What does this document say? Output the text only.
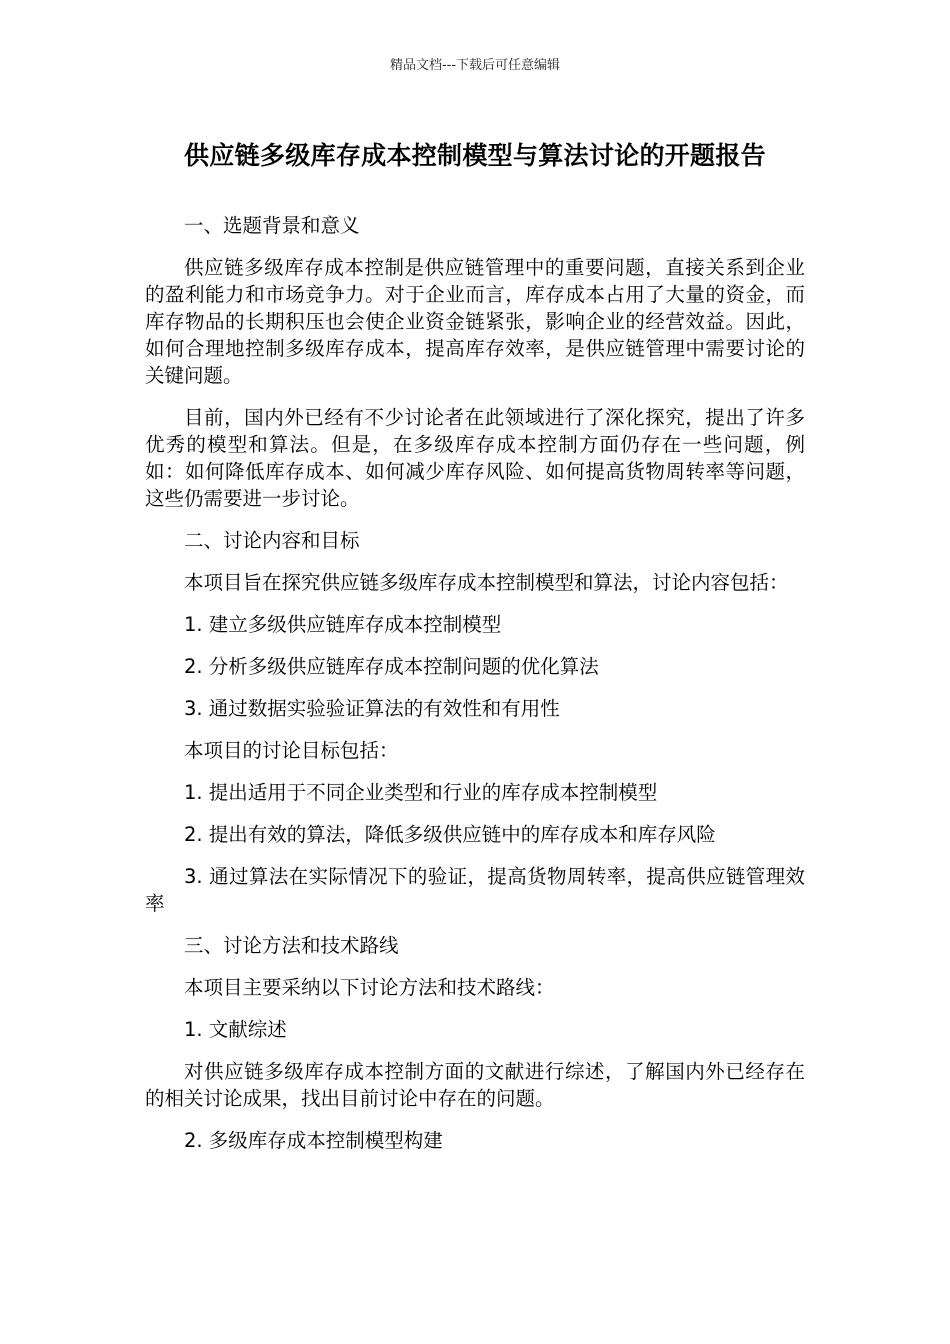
精品文档---下载后可任意编辑
供应链多级库存成本控制模型与算法讨论的开题报告

一、选题背景和意义

供应链多级库存成本控制是供应链管理中的重要问题，直接关系到企业的盈利能力和市场竞争力。对于企业而言，库存成本占用了大量的资金，而库存物品的长期积压也会使企业资金链紧张，影响企业的经营效益。因此，如何合理地控制多级库存成本，提高库存效率，是供应链管理中需要讨论的关键问题。

目前，国内外已经有不少讨论者在此领域进行了深化探究，提出了许多优秀的模型和算法。但是，在多级库存成本控制方面仍存在一些问题，例如：如何降低库存成本、如何减少库存风险、如何提高货物周转率等问题，这些仍需要进一步讨论。

二、讨论内容和目标

本项目旨在探究供应链多级库存成本控制模型和算法，讨论内容包括：

1. 建立多级供应链库存成本控制模型

2. 分析多级供应链库存成本控制问题的优化算法

3. 通过数据实验验证算法的有效性和有用性

本项目的讨论目标包括：

1. 提出适用于不同企业类型和行业的库存成本控制模型

2. 提出有效的算法，降低多级供应链中的库存成本和库存风险

3. 通过算法在实际情况下的验证，提高货物周转率，提高供应链管理效率

三、讨论方法和技术路线

本项目主要采纳以下讨论方法和技术路线：

1. 文献综述

对供应链多级库存成本控制方面的文献进行综述，了解国内外已经存在的相关讨论成果，找出目前讨论中存在的问题。

2. 多级库存成本控制模型构建
